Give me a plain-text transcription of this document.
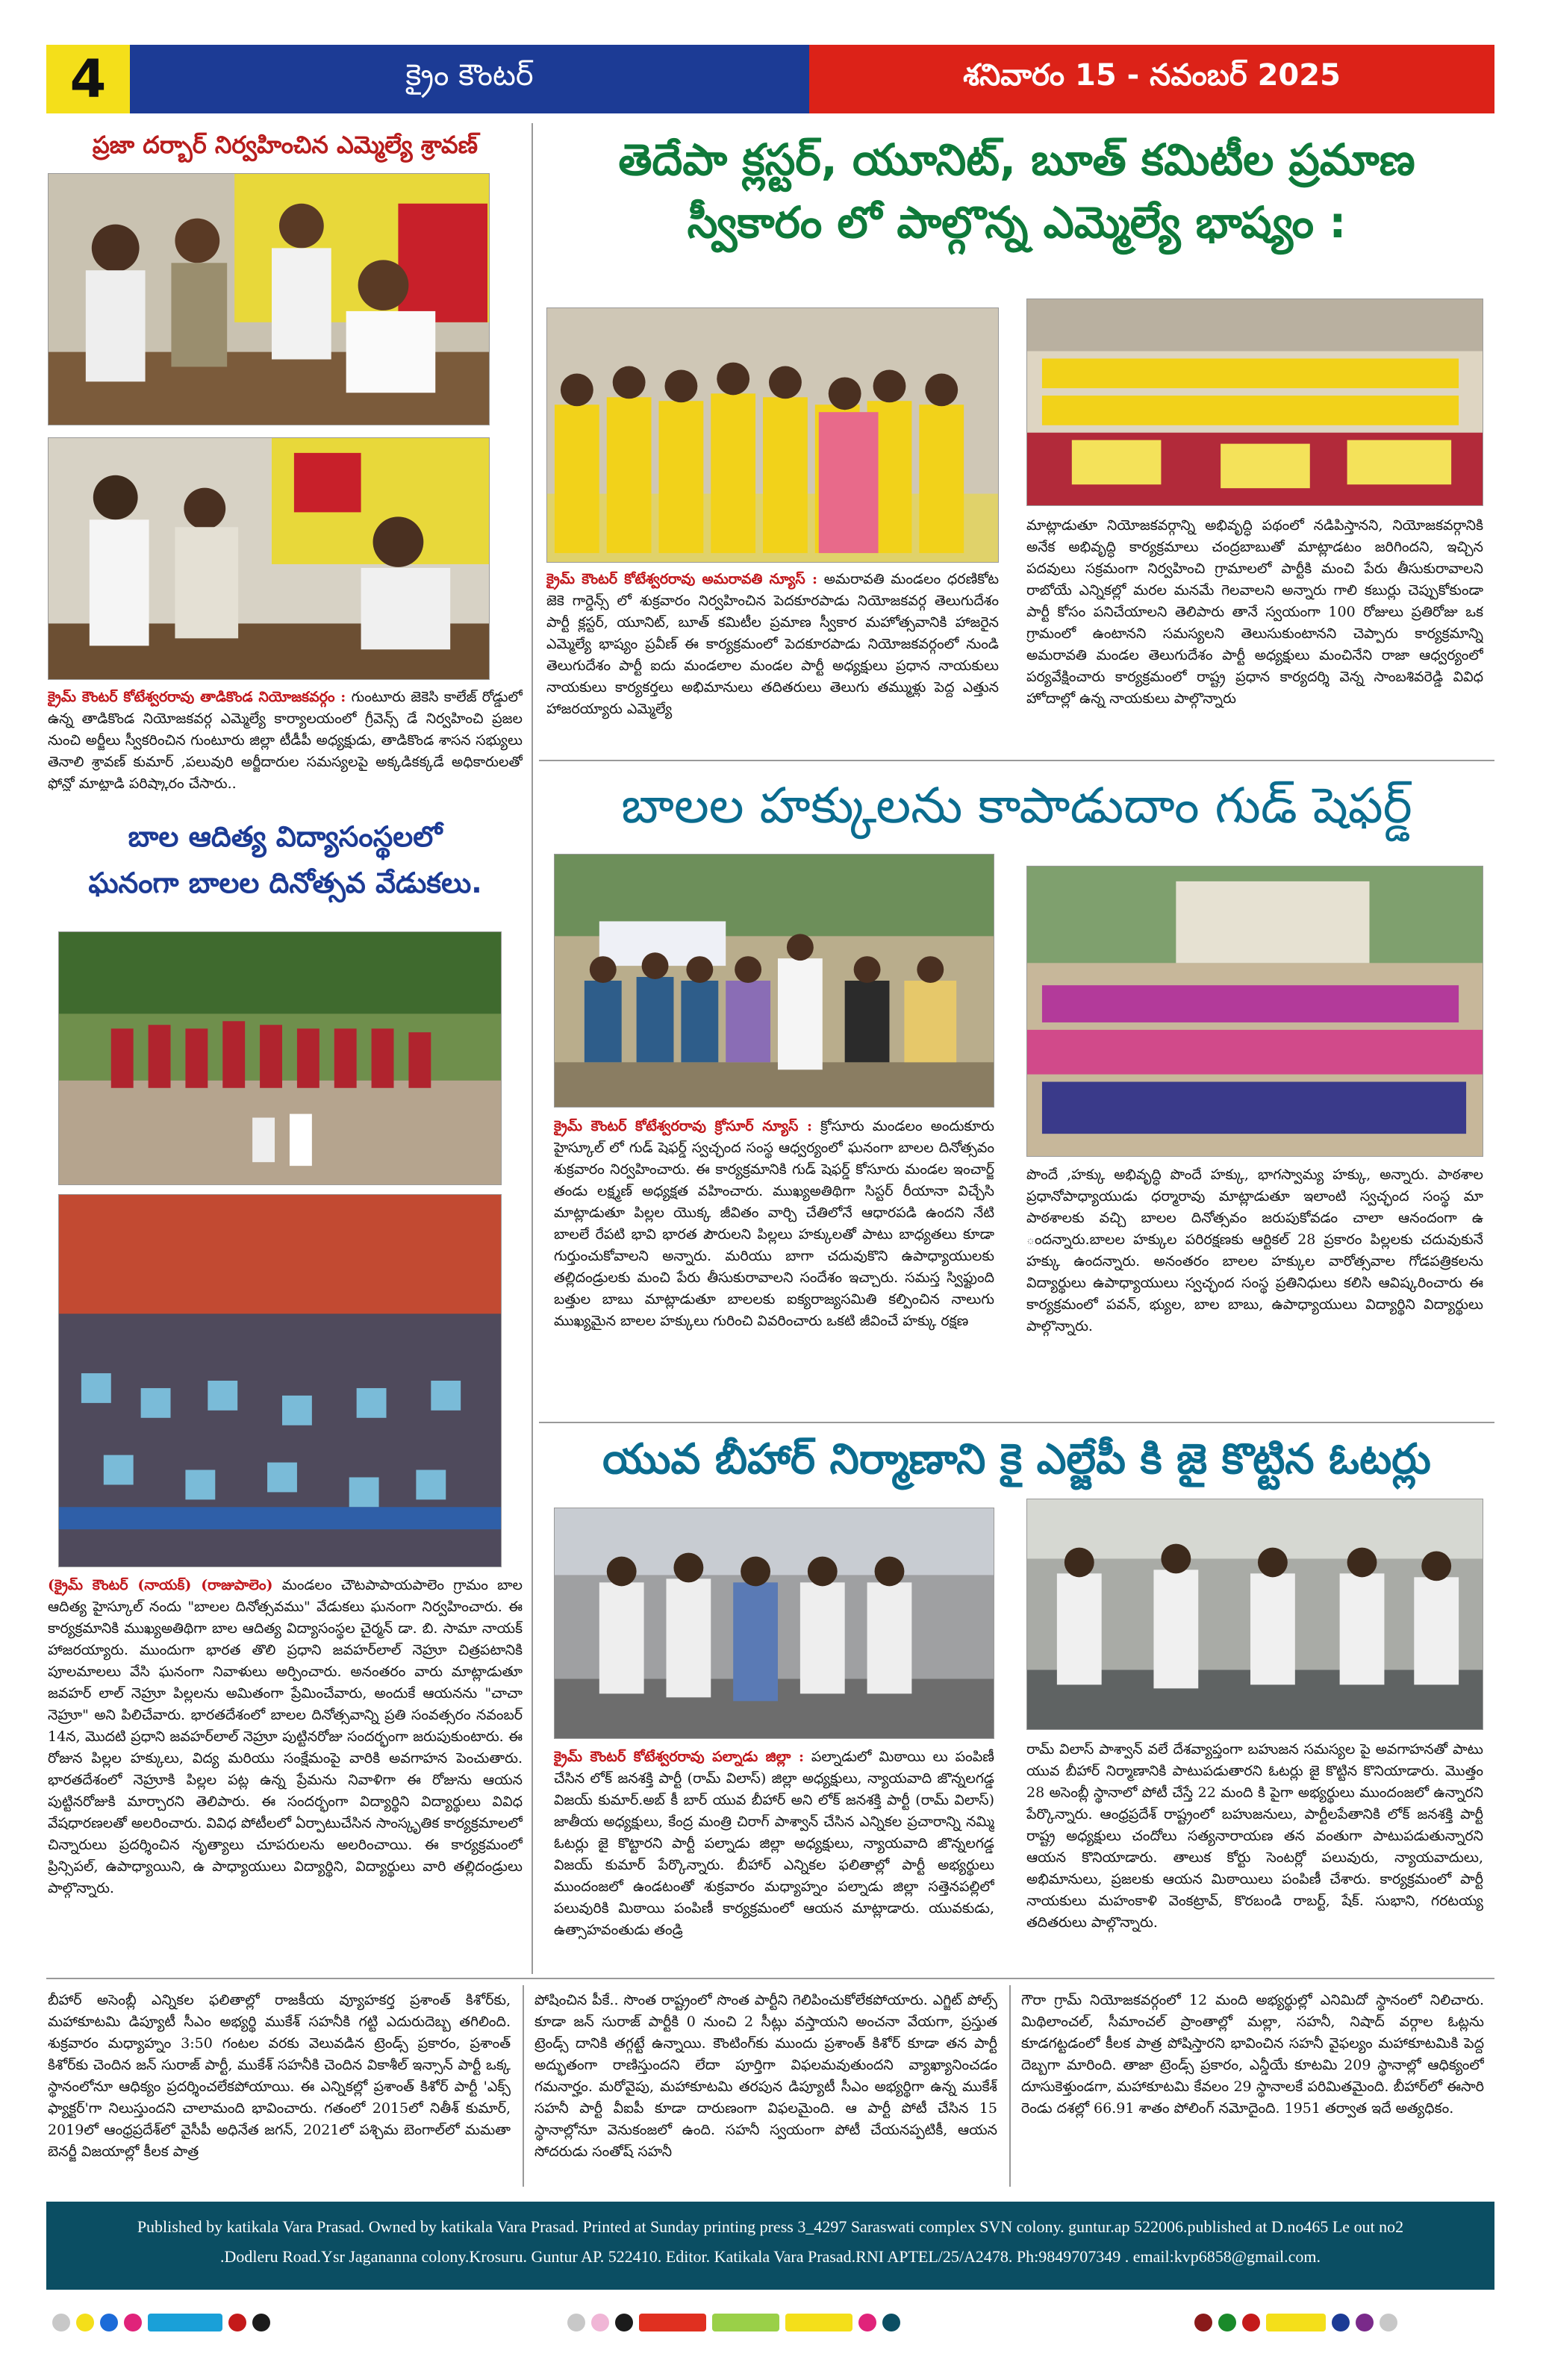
4	క్రైం కౌంటర్	శనివారం 15 - నవంబర్ 2025
ప్రజా దర్బార్ నిర్వహించిన ఎమ్మెల్యే శ్రావణ్
క్రైమ్ కౌంటర్ కోటేశ్వరరావు తాడికొండ నియోజకవర్గం : గుంటూరు జెకెసి కాలేజ్ రోడ్డులో ఉన్న తాడికొండ నియోజకవర్గ ఎమ్మెల్యే కార్యాలయంలో గ్రీవెన్స్ డే నిర్వహించి ప్రజల నుంచి అర్జీలు స్వీకరించిన గుంటూరు జిల్లా టీడీపీ అధ్యక్షుడు, తాడికొండ శాసన సభ్యులు తెనాలి శ్రావణ్ కుమార్ ,పలువురి అర్జీదారుల సమస్యలపై అక్కడికక్కడే అధికారులతో ఫోన్లో మాట్లాడి పరిష్కారం చేసారు..
బాల ఆదిత్య విద్యాసంస్థలలో
ఘనంగా బాలల దినోత్సవ వేడుకలు.
(క్రైమ్ కౌంటర్ (నాయక్) (రాజుపాలెం) మండలం చౌటపాపాయపాలెం గ్రామం బాల ఆదిత్య హైస్కూల్ నందు "బాలల దినోత్సవము" వేడుకలు ఘనంగా నిర్వహించారు. ఈ కార్యక్రమానికి ముఖ్యఅతిథిగా బాల ఆదిత్య విద్యాసంస్థల చైర్మన్ డా. బి. సామా నాయక్ హాజరయ్యారు. ముందుగా భారత తొలి ప్రధాని జవహర్‌లాల్ నెహ్రూ చిత్రపటానికి పూలమాలలు వేసి ఘనంగా నివాళులు అర్పించారు. అనంతరం వారు మాట్లాడుతూ జవహర్ లాల్ నెహ్రూ పిల్లలను అమితంగా ప్రేమించేవారు, అందుకే ఆయనను "చాచా నెహ్రూ" అని పిలిచేవారు. భారతదేశంలో బాలల దినోత్సవాన్ని ప్రతి సంవత్సరం నవంబర్ 14న, మొదటి ప్రధాని జవహర్‌లాల్ నెహ్రూ పుట్టినరోజు సందర్భంగా జరుపుకుంటారు. ఈ రోజున పిల్లల హక్కులు, విద్య మరియు సంక్షేమంపై వారికి అవగాహన పెంచుతారు. భారతదేశంలో నెహ్రూకి పిల్లల పట్ల ఉన్న ప్రేమను నివాళిగా ఈ రోజును ఆయన పుట్టినరోజుకి మార్చారని తెలిపారు. ఈ సందర్భంగా విద్యార్థిని విద్యార్థులు వివిధ వేషధారణలతో అలరించారు. వివిధ పోటీలలో ఏర్పాటుచేసిన సాంస్కృతిక కార్యక్రమాలలో చిన్నారులు ప్రదర్శించిన నృత్యాలు చూపరులను అలరించాయి. ఈ కార్యక్రమంలో ప్రిన్సిపల్, ఉపాధ్యాయిని, ఉ పాధ్యాయులు విద్యార్థిని, విద్యార్థులు వారి తల్లిదండ్రులు పాల్గొన్నారు.
తెదేపా క్లస్టర్, యూనిట్, బూత్ కమిటీల ప్రమాణ
స్వీకారం లో పాల్గొన్న ఎమ్మెల్యే భాష్యం :
క్రైమ్ కౌంటర్ కోటేశ్వరరావు అమరావతి న్యూస్ : అమరావతి మండలం ధరణికోట జెకె గార్డెన్స్ లో శుక్రవారం నిర్వహించిన పెదకూరపాడు నియోజకవర్గ తెలుగుదేశం పార్టీ క్లస్టర్, యూనిట్, బూత్ కమిటీల ప్రమాణ స్వీకార మహోత్సవానికి హాజరైన ఎమ్మెల్యే భాష్యం ప్రవీణ్ ఈ కార్యక్రమంలో పెదకూరపాడు నియోజకవర్గంలో నుండి తెలుగుదేశం పార్టీ ఐదు మండలాల మండల పార్టీ అధ్యక్షులు ప్రధాన నాయకులు నాయకులు కార్యకర్తలు అభిమానులు తదితరులు తెలుగు తమ్ముళ్లు పెద్ద ఎత్తున హాజరయ్యారు ఎమ్మెల్యే
మాట్లాడుతూ నియోజకవర్గాన్ని అభివృద్ధి పథంలో నడిపిస్తానని, నియోజకవర్గానికి అనేక అభివృద్ధి కార్యక్రమాలు చంద్రబాబుతో మాట్లాడటం జరిగిందని, ఇచ్చిన పదవులు సక్రమంగా నిర్వహించి గ్రామాలలో పార్టీకి మంచి పేరు తీసుకురావాలని రాబోయే ఎన్నికల్లో మరల మనమే గెలవాలని అన్నారు గాలి కబుర్లు చెప్పుకోకుండా పార్టీ కోసం పనిచేయాలని తెలిపారు తానే స్వయంగా 100 రోజులు ప్రతిరోజు ఒక గ్రామంలో ఉంటానని సమస్యలని తెలుసుకుంటానని చెప్పారు కార్యక్రమాన్ని అమరావతి మండల తెలుగుదేశం పార్టీ అధ్యక్షులు మంచినేని రాజా ఆధ్వర్యంలో పర్యవేక్షించారు కార్యక్రమంలో రాష్ట్ర ప్రధాన కార్యదర్శి వెన్న సాంబశివరెడ్డి వివిధ హోదాల్లో ఉన్న నాయకులు పాల్గొన్నారు
బాలల హక్కులను కాపాడుదాం గుడ్ షెఫర్డ్
క్రైమ్ కౌంటర్ కోటేశ్వరరావు క్రోసూర్ న్యూస్ : క్రోసూరు మండలం అందుకూరు హైస్కూల్ లో గుడ్ షెఫర్డ్ స్వచ్ఛంద సంస్థ ఆధ్వర్యంలో ఘనంగా బాలల దినోత్సవం శుక్రవారం నిర్వహించారు. ఈ కార్యక్రమానికి గుడ్ షెఫర్డ్ కోసూరు మండల ఇంచార్జ్ తండు లక్ష్మణ్ అధ్యక్షత వహించారు. ముఖ్యఅతిథిగా సిస్టర్ రీయానా విచ్చేసి మాట్లాడుతూ పిల్లల యొక్క జీవితం వార్చి చేతిలోనే ఆధారపడి ఉందని నేటి బాలలే రేపటి భావి భారత పౌరులని పిల్లలు హక్కులతో పాటు బాధ్యతలు కూడా గుర్తుంచుకోవాలని అన్నారు. మరియు బాగా చదువుకొని ఉపాధ్యాయులకు తల్లిదండ్రులకు మంచి పేరు తీసుకురావాలని సందేశం ఇచ్చారు. సమస్త స్విఫ్టుంది బత్తుల బాబు మాట్లాడుతూ బాలలకు ఐక్యరాజ్యసమితి కల్పించిన నాలుగు ముఖ్యమైన బాలల హక్కులు గురించి వివరించారు ఒకటి జీవించే హక్కు రక్షణ
పొందే ,హక్కు అభివృద్ధి పొందే హక్కు, భాగస్వామ్య హక్కు, అన్నారు. పాఠశాల ప్రధానోపాధ్యాయుడు ధర్మారావు మాట్లాడుతూ ఇలాంటి స్వచ్ఛంద సంస్థ మా పాఠశాలకు వచ్చి బాలల దినోత్సవం జరుపుకోవడం చాలా ఆనందంగా ఉ ందన్నారు.బాలల హక్కుల పరిరక్షణకు ఆర్టికల్ 28 ప్రకారం పిల్లలకు చదువుకునే హక్కు ఉందన్నారు. అనంతరం బాలల హక్కుల వారోత్సవాల గోడపత్రికలను విద్యార్థులు ఉపాధ్యాయులు స్వచ్ఛంద సంస్థ ప్రతినిధులు కలిసి ఆవిష్కరించారు ఈ కార్యక్రమంలో పవన్, భ్యుల, బాల బాబు, ఉపాధ్యాయులు విద్యార్థిని విద్యార్థులు పాల్గొన్నారు.
యువ బీహార్ నిర్మాణాని కై ఎల్జేపీ కి జై కొట్టిన ఓటర్లు
క్రైమ్ కౌంటర్ కోటేశ్వరరావు పల్నాడు జిల్లా : పల్నాడులో మిఠాయి లు పంపిణీ చేసిన లోక్ జనశక్తి పార్టీ (రామ్ విలాస్) జిల్లా అధ్యక్షులు, న్యాయవాది జొన్నలగడ్డ విజయ్ కుమార్.అబ్ కీ బార్ యువ బీహార్ అని లోక్ జనశక్తి పార్టీ (రామ్ విలాస్) జాతీయ అధ్యక్షులు, కేంద్ర మంత్రి చిరాగ్ పాశ్వాన్ చేసిన ఎన్నికల ప్రచారాన్ని నమ్మి ఓటర్లు జై కొట్టారని పార్టీ పల్నాడు జిల్లా అధ్యక్షులు, న్యాయవాది జొన్నలగడ్డ విజయ్ కుమార్ పేర్కొన్నారు. బీహార్ ఎన్నికల ఫలితాల్లో పార్టీ అభ్యర్థులు ముందంజలో ఉండటంతో శుక్రవారం మధ్యాహ్నం పల్నాడు జిల్లా సత్తెనపల్లిలో పలువురికి మిఠాయి పంపిణీ కార్యక్రమంలో ఆయన మాట్లాడారు. యువకుడు, ఉత్సాహవంతుడు తండ్రి
రామ్ విలాస్ పాశ్వాన్ వలే దేశవ్యాప్తంగా బహుజన సమస్యల పై అవగాహనతో పాటు యువ బీహార్ నిర్మాణానికి పాటుపడుతారని ఓటర్లు జై కొట్టిన కొనియాడారు. మొత్తం 28 అసెంబ్లీ స్థానాలో పోటీ చేస్తే 22 మంది కి పైగా అభ్యర్థులు ముందంజలో ఉన్నారని పేర్కొన్నారు. ఆంధ్రప్రదేశ్ రాష్ట్రంలో బహుజనులు, పార్టీలపేతానికి లోక్ జనశక్తి పార్టీ రాష్ట్ర అధ్యక్షులు చందోలు సత్యనారాయణ తన వంతుగా పాటుపడుతున్నారని ఆయన కొనియాడారు. తాలుక కోర్టు సెంటర్లో పలువురు, న్యాయవాదులు, అభిమానులు, ప్రజలకు ఆయన మిఠాయిలు పంపిణీ చేశారు. కార్యక్రమంలో పార్టీ నాయకులు మహంకాళి వెంకట్రావ్, కొరబండి రాబర్ట్, షేక్. సుభాని, గరటయ్య తదితరులు పాల్గొన్నారు.
బీహార్ అసెంబ్లీ ఎన్నికల ఫలితాల్లో రాజకీయ వ్యూహకర్త ప్రశాంత్ కిశోర్‌కు, మహాకూటమి డిప్యూటీ సీఎం అభ్యర్థి ముకేశ్ సహనీకి గట్టి ఎదురుదెబ్బ తగిలింది. శుక్రవారం మధ్యాహ్నం 3:50 గంటల వరకు వెలువడిన ట్రెండ్స్ ప్రకారం, ప్రశాంత్ కిశోర్‌కు చెందిన జన్ సురాజ్ పార్టీ, ముకేశ్ సహనీకి చెందిన వికాశీల్ ఇన్సాన్ పార్టీ ఒక్క స్థానంలోనూ ఆధిక్యం ప్రదర్శించలేకపోయాయి. ఈ ఎన్నికల్లో ప్రశాంత్ కిశోర్ పార్టీ 'ఎక్స్ ఫ్యాక్టర్'గా నిలుస్తుందని చాలామంది భావించారు. గతంలో 2015లో నితీశ్ కుమార్, 2019లో ఆంధ్రప్రదేశ్‌లో వైసీపీ అధినేత జగన్, 2021లో పశ్చిమ బెంగాల్‌లో మమతా బెనర్జీ విజయాల్లో కీలక పాత్ర
పోషించిన పీకే.. సొంత రాష్ట్రంలో సొంత పార్టీని గెలిపించుకోలేకపోయారు. ఎగ్జిట్ పోల్స్ కూడా జన్ సురాజ్ పార్టీకి 0 నుంచి 2 సీట్లు వస్తాయని అంచనా వేయగా, ప్రస్తుత ట్రెండ్స్ దానికి తగ్గట్టే ఉన్నాయి. కౌంటింగ్‌కు ముందు ప్రశాంత్ కిశోర్ కూడా తన పార్టీ అద్భుతంగా రాణిస్తుందని లేదా పూర్తిగా విఫలమవుతుందని వ్యాఖ్యానించడం గమనార్హం. మరోవైపు, మహాకూటమి తరపున డిప్యూటీ సీఎం అభ్యర్థిగా ఉన్న ముకేశ్ సహనీ పార్టీ వీఐపీ కూడా దారుణంగా విఫలమైంది. ఆ పార్టీ పోటీ చేసిన 15 స్థానాల్లోనూ వెనుకంజలో ఉంది. సహనీ స్వయంగా పోటీ చేయనప్పటికీ, ఆయన సోదరుడు సంతోష్ సహనీ
గౌరా గ్రామ్ నియోజకవర్గంలో 12 మంది అభ్యర్థుల్లో ఎనిమిదో స్థానంలో నిలిచారు. మిథిలాంచల్, సీమాంచల్ ప్రాంతాల్లో మల్లా, సహనీ, నిషాద్ వర్గాల ఓట్లను కూడగట్టడంలో కీలక పాత్ర పోషిస్తారని భావించిన సహనీ వైఫల్యం మహాకూటమికి పెద్ద దెబ్బగా మారింది. తాజా ట్రెండ్స్ ప్రకారం, ఎన్డీయే కూటమి 209 స్థానాల్లో ఆధిక్యంలో దూసుకెళ్తుండగా, మహాకూటమి కేవలం 29 స్థానాలకే పరిమితమైంది. బీహార్‌లో ఈసారి రెండు దశల్లో 66.91 శాతం పోలింగ్ నమోదైంది. 1951 తర్వాత ఇదే అత్యధికం.
Published by katikala Vara Prasad. Owned by katikala Vara Prasad. Printed at Sunday printing press 3_4297 Saraswati complex SVN colony. guntur.ap 522006.published at D.no465 Le out no2
.Dodleru Road.Ysr Jagananna colony.Krosuru. Guntur AP. 522410. Editor. Katikala Vara Prasad.RNI APTEL/25/A2478. Ph:9849707349 . email:kvp6858@gmail.com.
